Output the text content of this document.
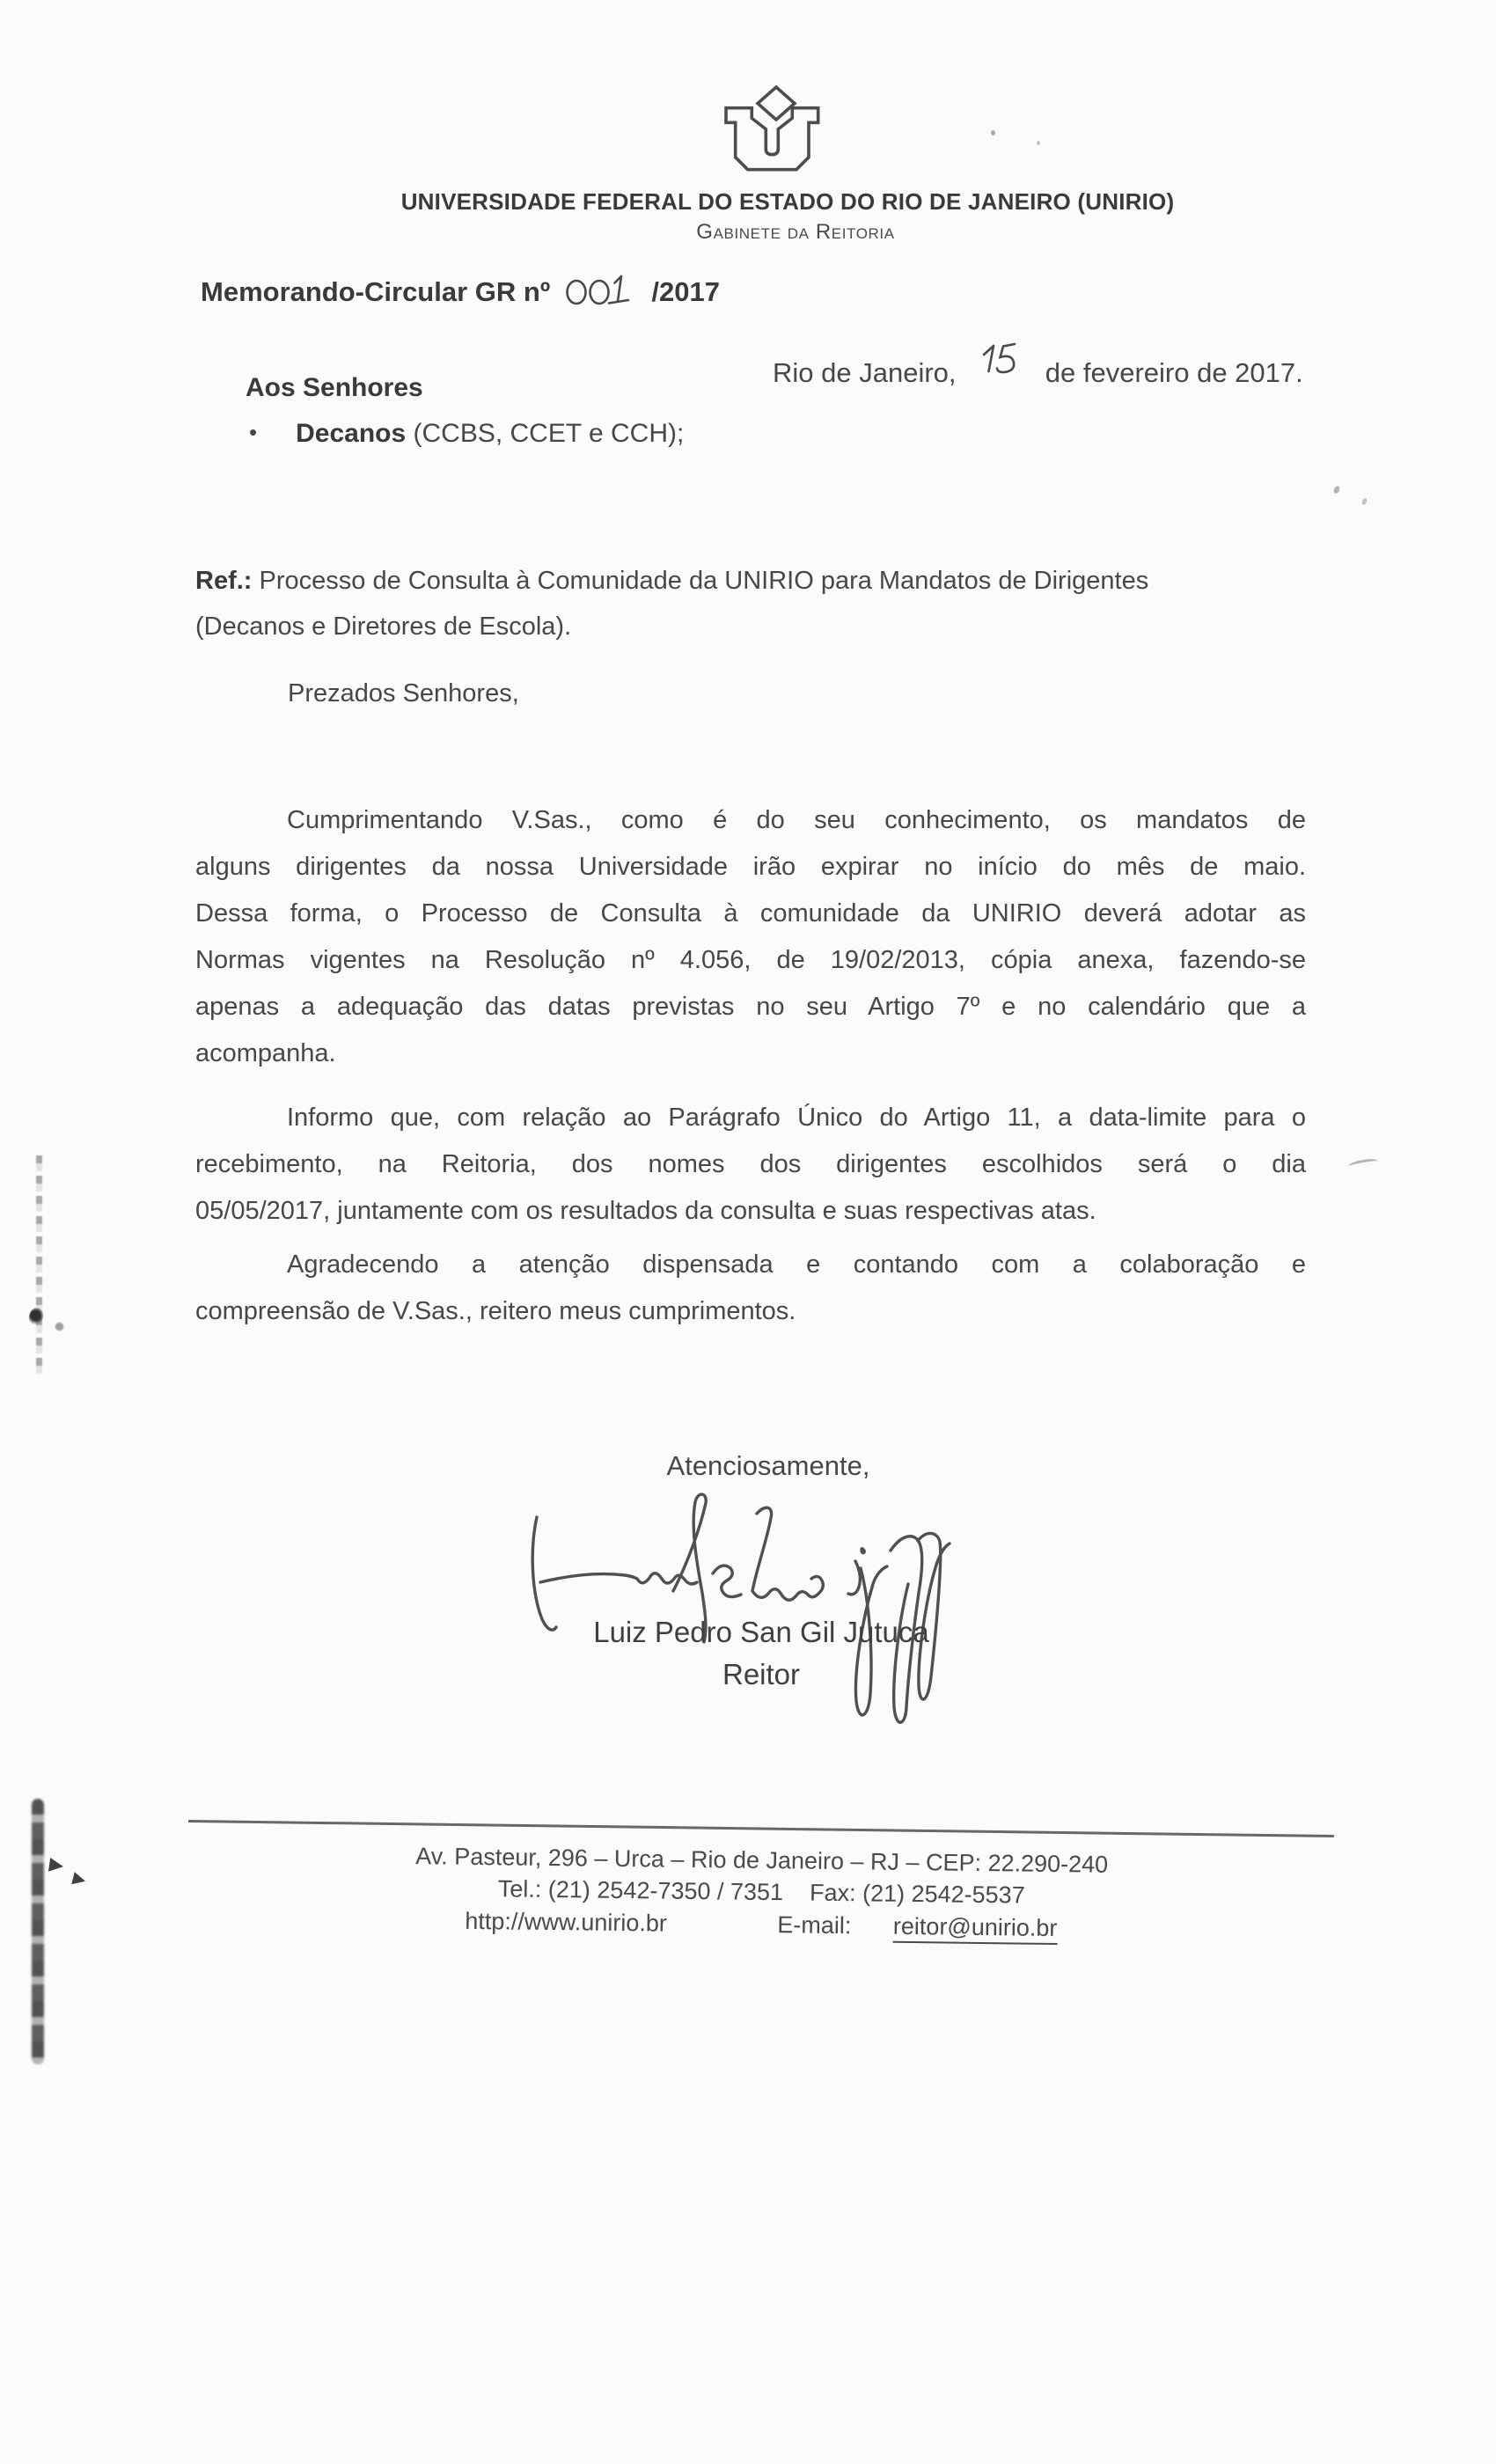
UNIVERSIDADE FEDERAL DO ESTADO DO RIO DE JANEIRO (UNIRIO)
Gabinete da Reitoria
Memorando-Circular GR nº	/2017
Rio de Janeiro,	de fevereiro de 2017.
Aos Senhores
• Decanos (CCBS, CCET e CCH);
Ref.: Processo de Consulta à Comunidade da UNIRIO para Mandatos de Dirigentes
(Decanos e Diretores de Escola).
Prezados Senhores,
Cumprimentando V.Sas., como é do seu conhecimento, os mandatos de
alguns dirigentes da nossa Universidade irão expirar no início do mês de maio.
Dessa forma, o Processo de Consulta à comunidade da UNIRIO deverá adotar as
Normas vigentes na Resolução nº 4.056, de 19/02/2013, cópia anexa, fazendo-se
apenas a adequação das datas previstas no seu Artigo 7º e no calendário que a
acompanha.
Informo que, com relação ao Parágrafo Único do Artigo 11, a data-limite para o
recebimento, na Reitoria, dos nomes dos dirigentes escolhidos será o dia
05/05/2017, juntamente com os resultados da consulta e suas respectivas atas.
Agradecendo a atenção dispensada e contando com a colaboração e
compreensão de V.Sas., reitero meus cumprimentos.
Atenciosamente,
Luiz Pedro San Gil Jutuca
Reitor
Av. Pasteur, 296 – Urca – Rio de Janeiro – RJ – CEP: 22.290-240
Tel.: (21) 2542-7350 / 7351    Fax: (21) 2542-5537
http://www.unirio.br	E-mail: reitor@unirio.br
